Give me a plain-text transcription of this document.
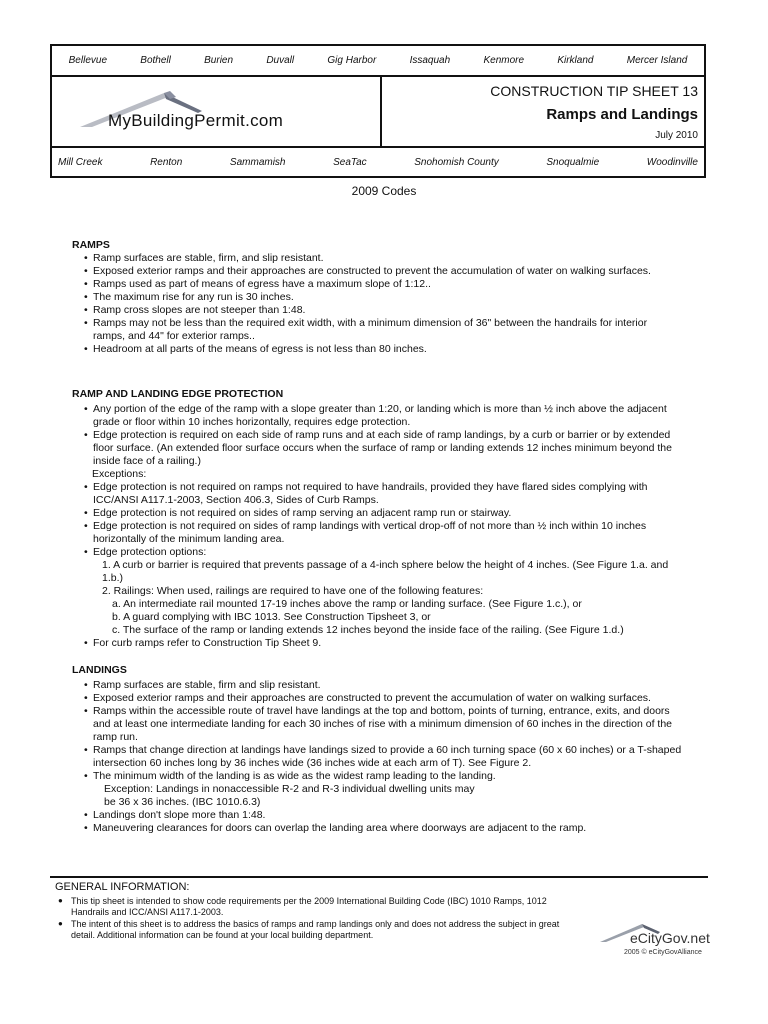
Bellevue	Bothell	Burien	Duvall	Gig Harbor	Issaquah	Kenmore	Kirkland	Mercer Island
MyBuildingPermit.com
CONSTRUCTION TIP SHEET 13
Ramps and Landings
July 2010
Mill Creek	Renton	Sammamish	SeaTac	Snohomish County	Snoqualmie	Woodinville
2009 Codes
RAMPS
• Ramp surfaces are stable, firm, and slip resistant.
• Exposed exterior ramps and their approaches are constructed to prevent the accumulation of water on walking surfaces.
• Ramps used as part of means of egress have a maximum slope of 1:12..
• The maximum rise for any run is 30 inches.
• Ramp cross slopes are not steeper than 1:48.
• Ramps may not be less than the required exit width, with a minimum dimension of 36" between the handrails for interior ramps, and 44" for exterior ramps..
• Headroom at all parts of the means of egress is not less than 80 inches.
RAMP AND LANDING EDGE PROTECTION
• Any portion of the edge of the ramp with a slope greater than 1:20, or landing which is more than ½ inch above the adjacent grade or floor within 10 inches horizontally, requires edge protection.
• Edge protection is required on each side of ramp runs and at each side of ramp landings, by a curb or barrier or by extended floor surface. (An extended floor surface occurs when the surface of ramp or landing extends 12 inches minimum beyond the inside face of a railing.)
Exceptions:
• Edge protection is not required on ramps not required to have handrails, provided they have flared sides complying with ICC/ANSI A117.1-2003, Section 406.3, Sides of Curb Ramps.
• Edge protection is not required on sides of ramp serving an adjacent ramp run or stairway.
• Edge protection is not required on sides of ramp landings with vertical drop-off of not more than ½ inch within 10 inches horizontally of the minimum landing area.
• Edge protection options:
1. A curb or barrier is required that prevents passage of a 4-inch sphere below the height of 4 inches. (See Figure 1.a. and 1.b.)
2. Railings: When used, railings are required to have one of the following features:
a. An intermediate rail mounted 17-19 inches above the ramp or landing surface. (See Figure 1.c.), or
b. A guard complying with IBC 1013. See Construction Tipsheet 3, or
c. The surface of the ramp or landing extends 12 inches beyond the inside face of the railing. (See Figure 1.d.)
• For curb ramps refer to Construction Tip Sheet 9.
LANDINGS
• Ramp surfaces are stable, firm and slip resistant.
• Exposed exterior ramps and their approaches are constructed to prevent the accumulation of water on walking surfaces.
• Ramps within the accessible route of travel have landings at the top and bottom, points of turning, entrance, exits, and doors and at least one intermediate landing for each 30 inches of rise with a minimum dimension of 60 inches in the direction of the ramp run.
• Ramps that change direction at landings have landings sized to provide a 60 inch turning space (60 x 60 inches) or a T-shaped intersection 60 inches long by 36 inches wide (36 inches wide at each arm of T). See Figure 2.
• The minimum width of the landing is as wide as the widest ramp leading to the landing.
Exception: Landings in nonaccessible R-2 and R-3 individual dwelling units may be 36 x 36 inches. (IBC 1010.6.3)
• Landings don't slope more than 1:48.
• Maneuvering clearances for doors can overlap the landing area where doorways are adjacent to the ramp.
GENERAL INFORMATION:
● This tip sheet is intended to show code requirements per the 2009 International Building Code (IBC) 1010 Ramps, 1012 Handrails and ICC/ANSI A117.1-2003.
● The intent of this sheet is to address the basics of ramps and ramp landings only and does not address the subject in great detail. Additional information can be found at your local building department.	eCityGov.net
2005 © eCityGovAlliance
